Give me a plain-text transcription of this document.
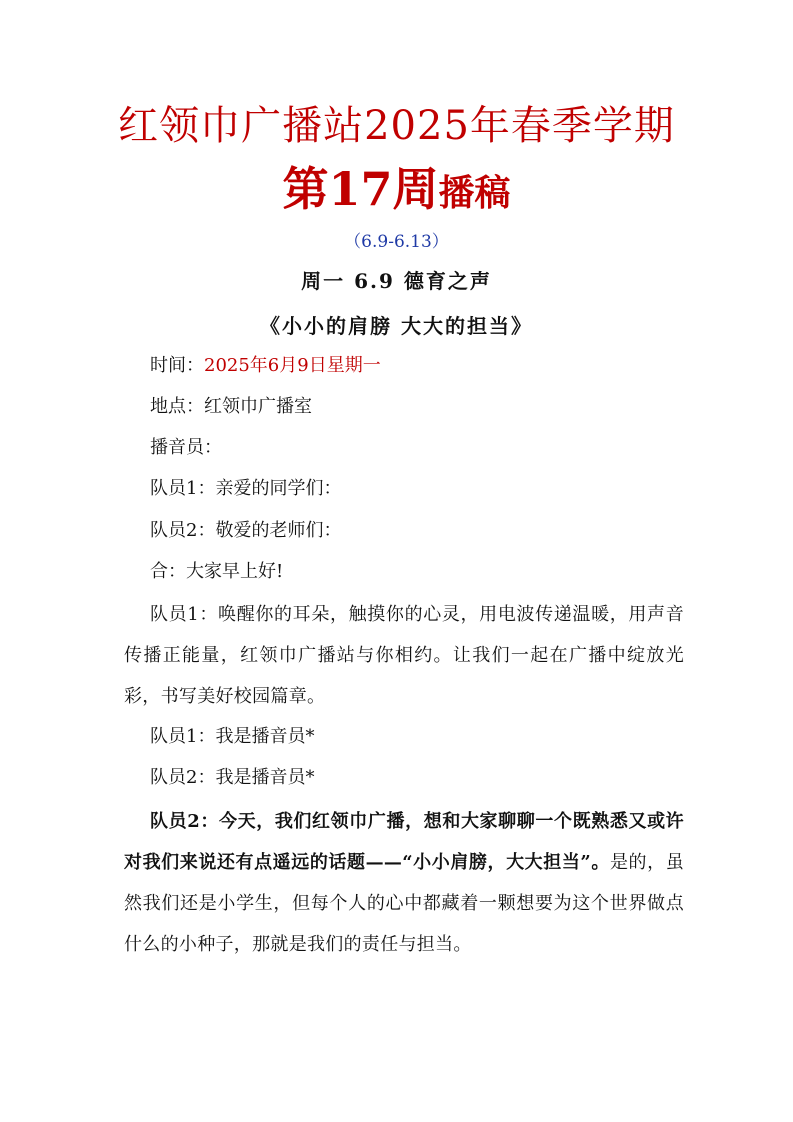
红领巾广播站2025年春季学期
第17周播稿
（6.9-6.13）
周一 6.9 德育之声
《小小的肩膀 大大的担当》
时间：2025年6月9日星期一
地点：红领巾广播室
播音员：
队员1：亲爱的同学们：
队员2：敬爱的老师们：
合：大家早上好!
队员1：唤醒你的耳朵，触摸你的心灵，用电波传递温暖，用声音传播正能量，红领巾广播站与你相约。让我们一起在广播中绽放光彩，书写美好校园篇章。
队员1：我是播音员*
队员2：我是播音员*
队员2：今天，我们红领巾广播，想和大家聊聊一个既熟悉又或许对我们来说还有点遥远的话题——“小小肩膀，大大担当”。是的，虽然我们还是小学生，但每个人的心中都藏着一颗想要为这个世界做点什么的小种子，那就是我们的责任与担当。
